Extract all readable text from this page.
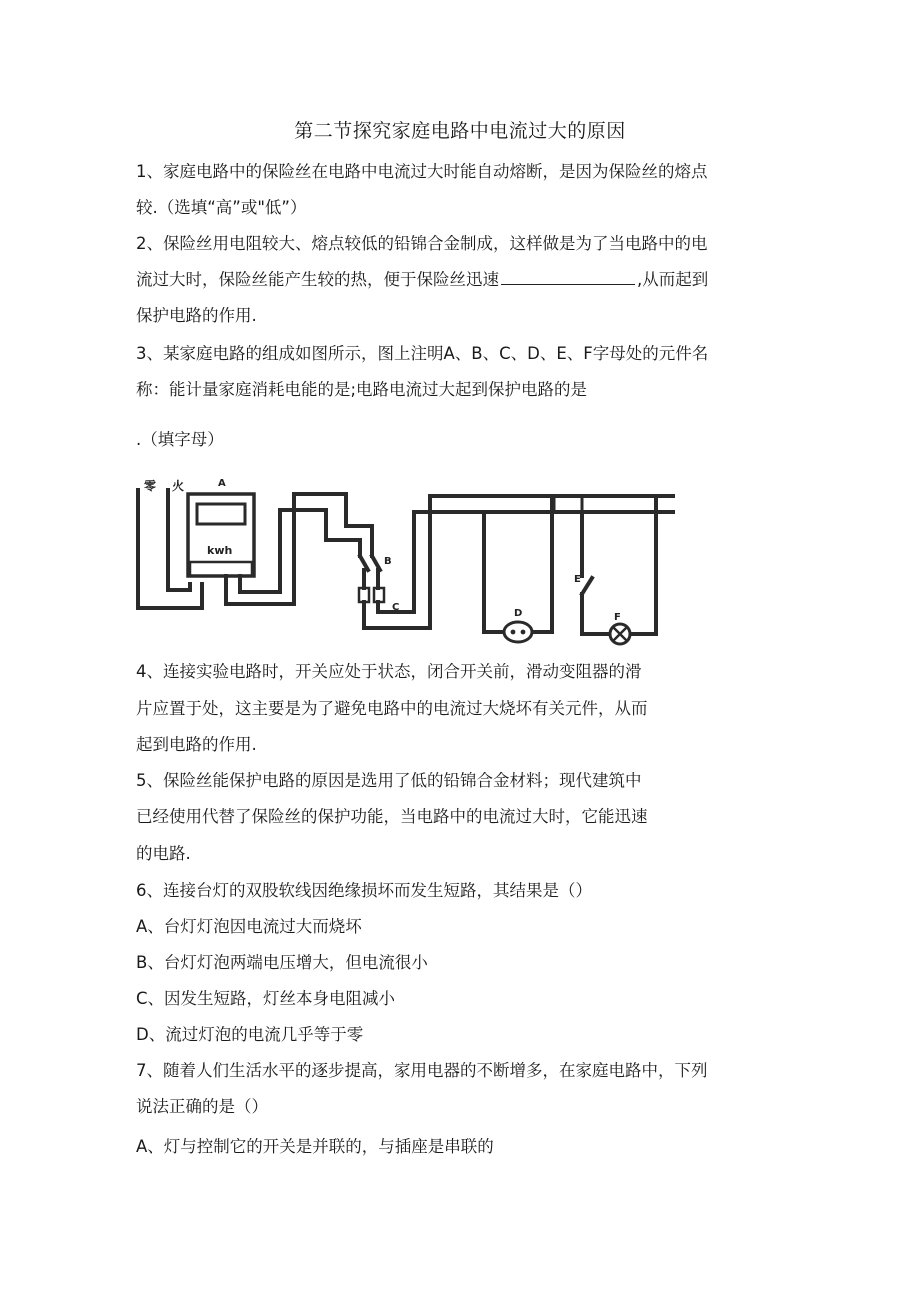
第二节探究家庭电路中电流过大的原因
1、家庭电路中的保险丝在电路中电流过大时能自动熔断，是因为保险丝的熔点
较.（选填“高”或"低”）
2、保险丝用电阻较大、熔点较低的铅锦合金制成，这样做是为了当电路中的电
流过大时，保险丝能产生较的热，便于保险丝迅速	,从而起到
保护电路的作用.
3、某家庭电路的组成如图所示，图上注明A、B、C、D、E、F字母处的元件名
称：能计量家庭消耗电能的是;电路电流过大起到保护电路的是
.（填字母）
零 火	A
kwh
B
C
D
E
F
4、连接实验电路时，开关应处于状态，闭合开关前，滑动变阻器的滑
片应置于处，这主要是为了避免电路中的电流过大烧坏有关元件，从而
起到电路的作用.
5、保险丝能保护电路的原因是选用了低的铅锦合金材料；现代建筑中
已经使用代替了保险丝的保护功能，当电路中的电流过大时，它能迅速
的电路.
6、连接台灯的双股软线因绝缘损坏而发生短路，其结果是（）
A、台灯灯泡因电流过大而烧坏
B、台灯灯泡两端电压增大，但电流很小
C、因发生短路，灯丝本身电阻减小
D、流过灯泡的电流几乎等于零
7、随着人们生活水平的逐步提高，家用电器的不断增多，在家庭电路中，下列
说法正确的是（）
A、灯与控制它的开关是并联的，与插座是串联的
